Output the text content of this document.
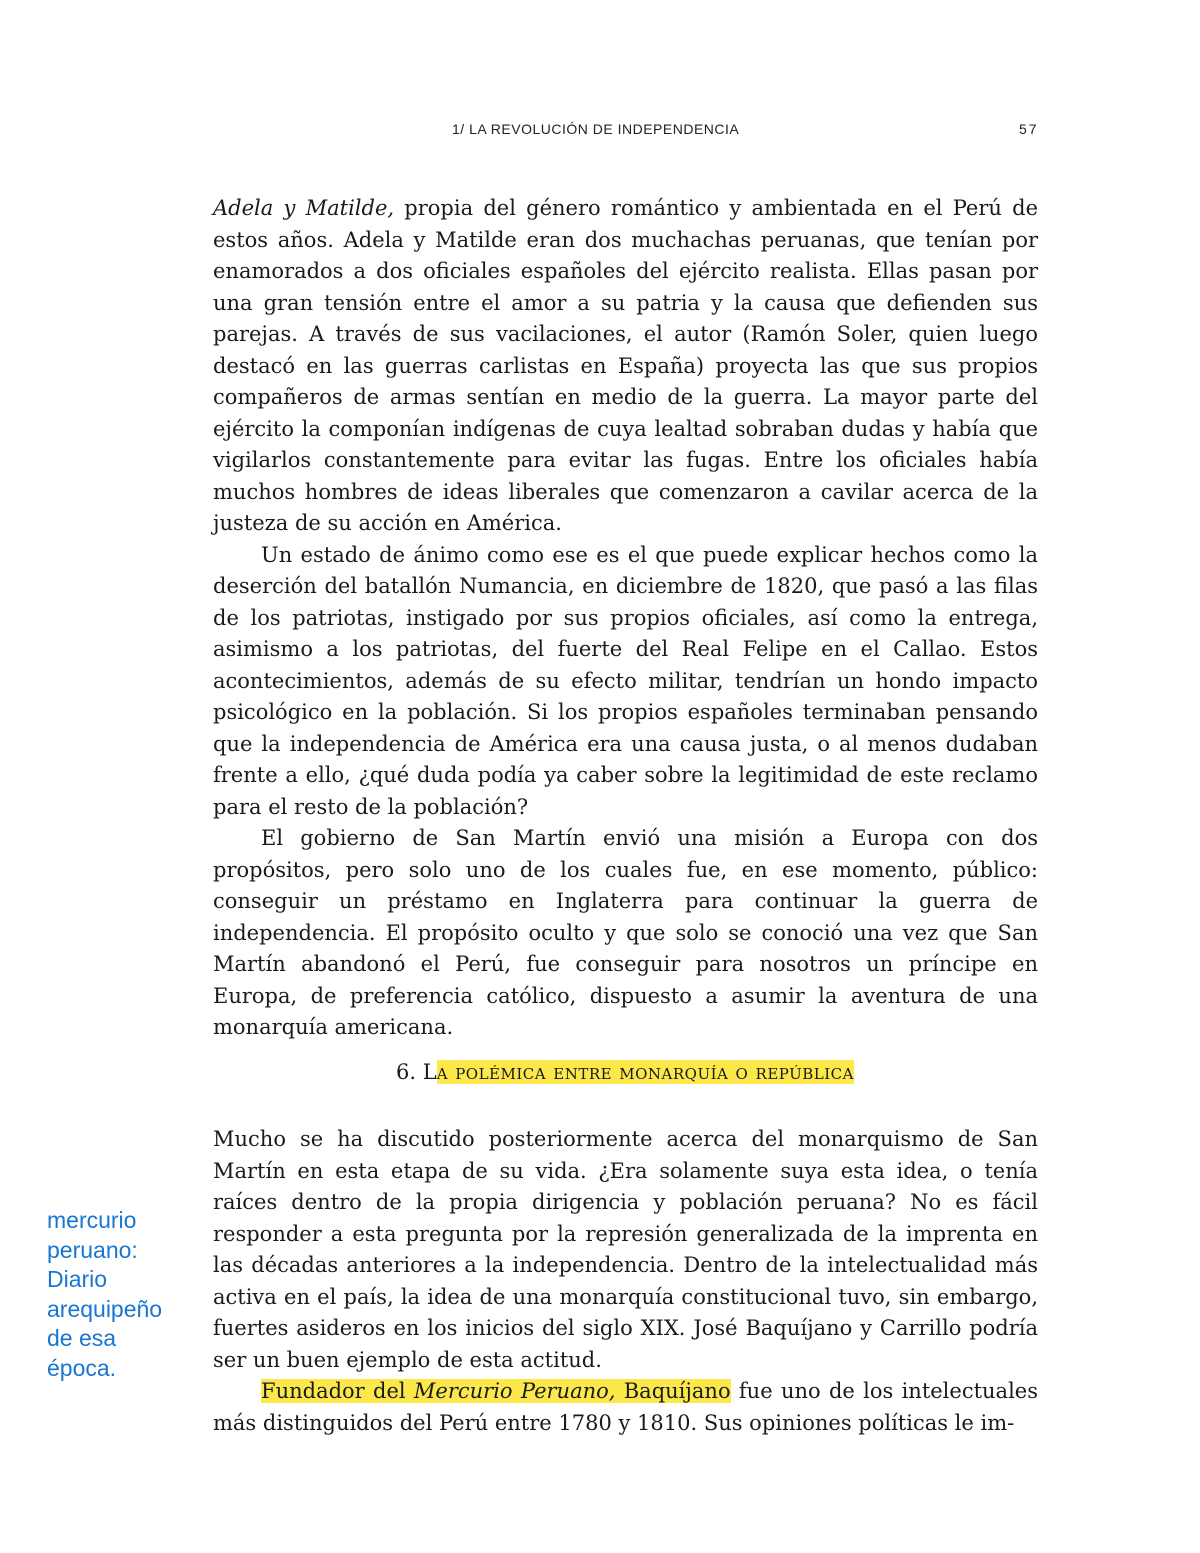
1/ LA REVOLUCIÓN DE INDEPENDENCIA	57

Adela y Matilde, propia del género romántico y ambientada en el Perú de estos años. Adela y Matilde eran dos muchachas peruanas, que tenían por enamorados a dos oficiales españoles del ejército realista. Ellas pasan por una gran tensión entre el amor a su patria y la causa que defienden sus parejas. A través de sus vacilaciones, el autor (Ramón Soler, quien luego destacó en las guerras carlistas en España) proyecta las que sus propios compañeros de armas sentían en medio de la guerra. La mayor parte del ejército la componían indígenas de cuya lealtad sobraban dudas y había que vigilarlos constantemente para evitar las fugas. Entre los oficiales había muchos hombres de ideas liberales que comenzaron a cavilar acerca de la justeza de su acción en América.

Un estado de ánimo como ese es el que puede explicar hechos como la deserción del batallón Numancia, en diciembre de 1820, que pasó a las filas de los patriotas, instigado por sus propios oficiales, así como la entrega, asimismo a los patriotas, del fuerte del Real Felipe en el Callao. Estos acontecimientos, además de su efecto militar, tendrían un hondo impacto psicológico en la población. Si los propios españoles terminaban pensando que la independencia de América era una causa justa, o al menos dudaban frente a ello, ¿qué duda podía ya caber sobre la legitimidad de este reclamo para el resto de la población?

El gobierno de San Martín envió una misión a Europa con dos propósitos, pero solo uno de los cuales fue, en ese momento, público: conseguir un préstamo en Inglaterra para continuar la guerra de independencia. El propósito oculto y que solo se conoció una vez que San Martín abandonó el Perú, fue conseguir para nosotros un príncipe en Europa, de preferencia católico, dispuesto a asumir la aventura de una monarquía americana.

6. La polémica entre monarquía o república

Mucho se ha discutido posteriormente acerca del monarquismo de San Martín en esta etapa de su vida. ¿Era solamente suya esta idea, o tenía raíces dentro de la propia dirigencia y población peruana? No es fácil responder a esta pregunta por la represión generalizada de la imprenta en las décadas anteriores a la independencia. Dentro de la intelectualidad más activa en el país, la idea de una monarquía constitucional tuvo, sin embargo, fuertes asideros en los inicios del siglo XIX. José Baquíjano y Carrillo podría ser un buen ejemplo de esta actitud.

Fundador del Mercurio Peruano, Baquíjano fue uno de los intelectuales más distinguidos del Perú entre 1780 y 1810. Sus opiniones políticas le im-

mercurio
peruano:
Diario
arequipeño
de esa
época.
